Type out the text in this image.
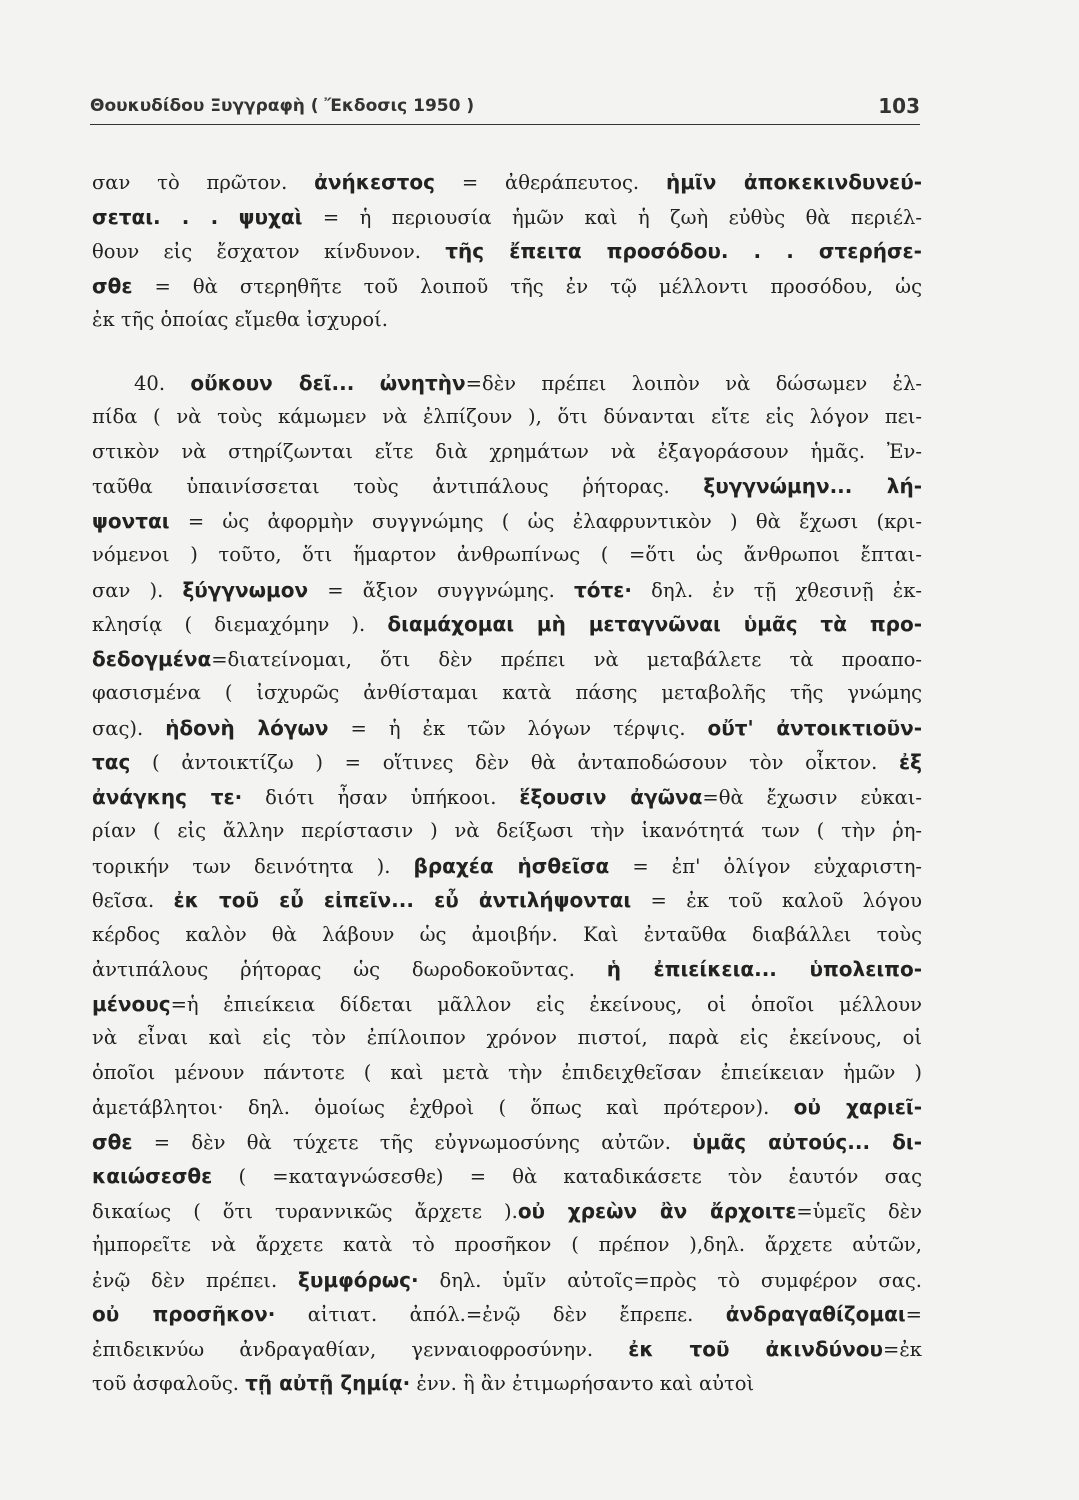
Θουκυδίδου Ξυγγραφὴ ( Ἔκδοσις 1950 )	103
σαν τὸ πρῶτον. ἀνήκεστος = ἀθεράπευτος. ἡμῖν ἀποκεκινδυνεύ-
σεται. . . ψυχαὶ = ἡ περιουσία ἡμῶν καὶ ἡ ζωὴ εὐθὺς θὰ περιέλ-
θουν εἰς ἔσχατον κίνδυνον. τῆς ἔπειτα προσόδου. . . στερήσε-
σθε = θὰ στερηθῆτε τοῦ λοιποῦ τῆς ἐν τῷ μέλλοντι προσόδου, ὡς
ἐκ τῆς ὁποίας εἴμεθα ἰσχυροί.
40. οὔκουν δεῖ... ὠνητὴν=δὲν πρέπει λοιπὸν νὰ δώσωμεν ἐλ-
πίδα ( νὰ τοὺς κάμωμεν νὰ ἐλπίζουν ), ὅτι δύνανται εἴτε εἰς λόγον πει-
στικὸν νὰ στηρίζωνται εἴτε διὰ χρημάτων νὰ ἐξαγοράσουν ἡμᾶς. Ἐν-
ταῦθα ὑπαινίσσεται τοὺς ἀντιπάλους ῥήτορας. ξυγγνώμην... λή-
ψονται = ὡς ἀφορμὴν συγγνώμης ( ὡς ἐλαφρυντικὸν ) θὰ ἔχωσι (κρι-
νόμενοι ) τοῦτο, ὅτι ἥμαρτον ἀνθρωπίνως ( =ὅτι ὡς ἄνθρωποι ἔπται-
σαν ). ξύγγνωμον = ἄξιον συγγνώμης. τότε· δηλ. ἐν τῇ χθεσινῇ ἐκ-
κλησίᾳ ( διεμαχόμην ). διαμάχομαι μὴ μεταγνῶναι ὑμᾶς τὰ προ-
δεδογμένα=διατείνομαι, ὅτι δὲν πρέπει νὰ μεταβάλετε τὰ προαπο-
φασισμένα ( ἰσχυρῶς ἀνθίσταμαι κατὰ πάσης μεταβολῆς τῆς γνώμης
σας). ἡδονὴ λόγων = ἡ ἐκ τῶν λόγων τέρψις. οὔτ' ἀντοικτιοῦν-
τας ( ἀντοικτίζω ) = οἵτινες δὲν θὰ ἀνταποδώσουν τὸν οἶκτον. ἐξ
ἀνάγκης τε· διότι ἦσαν ὑπήκοοι. ἕξουσιν ἀγῶνα=θὰ ἔχωσιν εὐκαι-
ρίαν ( εἰς ἄλλην περίστασιν ) νὰ δείξωσι τὴν ἱκανότητά των ( τὴν ῥη-
τορικήν των δεινότητα ). βραχέα ἡσθεῖσα = ἐπ' ὀλίγον εὐχαριστη-
θεῖσα. ἐκ τοῦ εὖ εἰπεῖν... εὖ ἀντιλήψονται = ἐκ τοῦ καλοῦ λόγου
κέρδος καλὸν θὰ λάβουν ὡς ἀμοιβήν. Καὶ ἐνταῦθα διαβάλλει τοὺς
ἀντιπάλους ῥήτορας ὡς δωροδοκοῦντας. ἡ ἐπιείκεια... ὑπολειπο-
μένους=ἡ ἐπιείκεια δίδεται μᾶλλον εἰς ἐκείνους, οἱ ὁποῖοι μέλλουν
νὰ εἶναι καὶ εἰς τὸν ἐπίλοιπον χρόνον πιστοί, παρὰ εἰς ἐκείνους, οἱ
ὁποῖοι μένουν πάντοτε ( καὶ μετὰ τὴν ἐπιδειχθεῖσαν ἐπιείκειαν ἡμῶν )
ἀμετάβλητοι· δηλ. ὁμοίως ἐχθροὶ ( ὅπως καὶ πρότερον). οὐ χαριεῖ-
σθε = δὲν θὰ τύχετε τῆς εὐγνωμοσύνης αὐτῶν. ὑμᾶς αὐτούς... δι-
καιώσεσθε ( =καταγνώσεσθε) = θὰ καταδικάσετε τὸν ἑαυτόν σας
δικαίως ( ὅτι τυραννικῶς ἄρχετε ).οὐ χρεὼν ἂν ἄρχοιτε=ὑμεῖς δὲν
ἠμπορεῖτε νὰ ἄρχετε κατὰ τὸ προσῆκον ( πρέπον ),δηλ. ἄρχετε αὐτῶν,
ἐνῷ δὲν πρέπει. ξυμφόρως· δηλ. ὑμῖν αὐτοῖς=πρὸς τὸ συμφέρον σας.
οὐ προσῆκον· αἰτιατ. ἀπόλ.=ἐνῷ δὲν ἔπρεπε. ἀνδραγαθίζομαι=
ἐπιδεικνύω ἀνδραγαθίαν, γενναιοφροσύνην. ἐκ τοῦ ἀκινδύνου=ἐκ
τοῦ ἀσφαλοῦς. τῇ αὐτῇ ζημίᾳ· ἐνν. ἣ ἂν ἐτιμωρήσαντο καὶ αὐτοὶ
